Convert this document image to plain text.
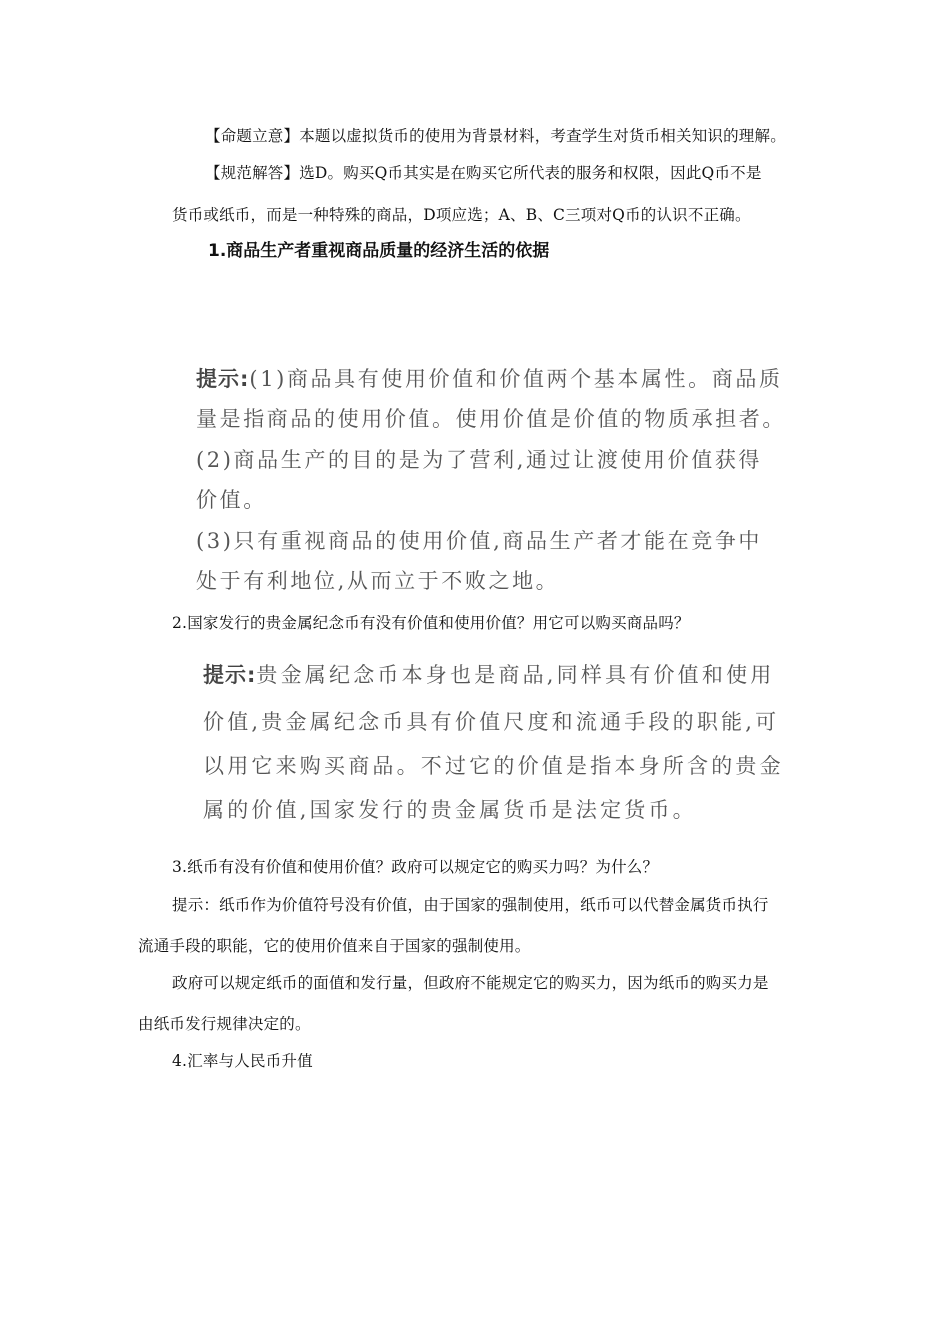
【命题立意】本题以虚拟货币的使用为背景材料，考查学生对货币相关知识的理解。
【规范解答】选D。购买Q币其实是在购买它所代表的服务和权限，因此Q币不是
货币或纸币，而是一种特殊的商品，D项应选；A、B、C三项对Q币的认识不正确。
1.商品生产者重视商品质量的经济生活的依据
提示:(1)商品具有使用价值和价值两个基本属性。商品质
量是指商品的使用价值。使用价值是价值的物质承担者。
(2)商品生产的目的是为了营利,通过让渡使用价值获得
价值。
(3)只有重视商品的使用价值,商品生产者才能在竞争中
处于有利地位,从而立于不败之地。
2.国家发行的贵金属纪念币有没有价值和使用价值？用它可以购买商品吗？
提示:贵金属纪念币本身也是商品,同样具有价值和使用
价值,贵金属纪念币具有价值尺度和流通手段的职能,可
以用它来购买商品。不过它的价值是指本身所含的贵金
属的价值,国家发行的贵金属货币是法定货币。
3.纸币有没有价值和使用价值？政府可以规定它的购买力吗？为什么？
提示：纸币作为价值符号没有价值，由于国家的强制使用，纸币可以代替金属货币执行
流通手段的职能，它的使用价值来自于国家的强制使用。
政府可以规定纸币的面值和发行量，但政府不能规定它的购买力，因为纸币的购买力是
由纸币发行规律决定的。
4.汇率与人民币升值
